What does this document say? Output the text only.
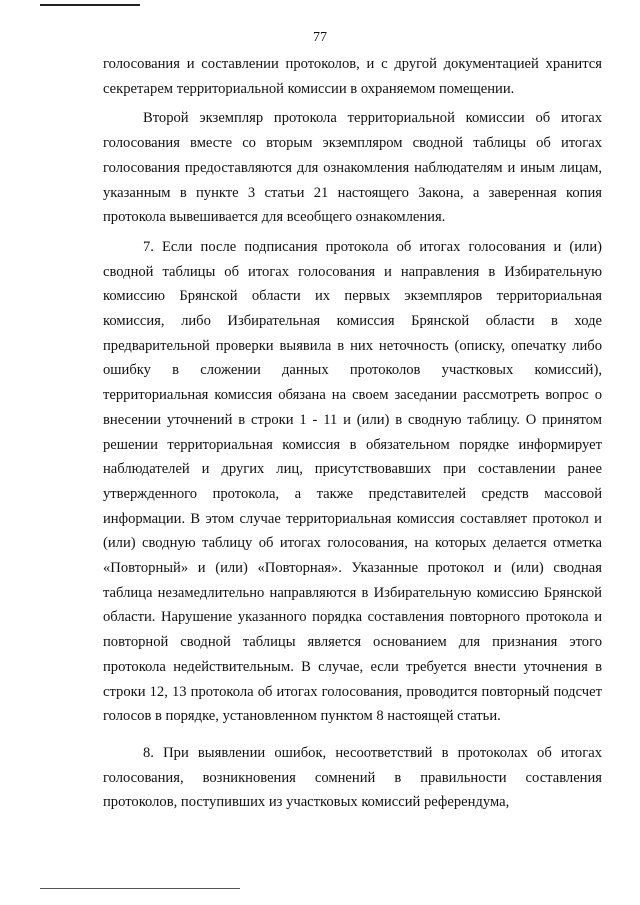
77

голосования и составлении протоколов, и с другой документацией хранится секретарем территориальной комиссии в охраняемом помещении.

Второй экземпляр протокола территориальной комиссии об итогах голосования вместе со вторым экземпляром сводной таблицы об итогах голосования предоставляются для ознакомления наблюдателям и иным лицам, указанным в пункте 3 статьи 21 настоящего Закона, а заверенная копия протокола вывешивается для всеобщего ознакомления.

7. Если после подписания протокола об итогах голосования и (или) сводной таблицы об итогах голосования и направления в Избирательную комиссию Брянской области их первых экземпляров территориальная комиссия, либо Избирательная комиссия Брянской области в ходе предварительной проверки выявила в них неточность (описку, опечатку либо ошибку в сложении данных протоколов участковых комиссий), территориальная комиссия обязана на своем заседании рассмотреть вопрос о внесении уточнений в строки 1 - 11 и (или) в сводную таблицу. О принятом решении территориальная комиссия в обязательном порядке информирует наблюдателей и других лиц, присутствовавших при составлении ранее утвержденного протокола, а также представителей средств массовой информации. В этом случае территориальная комиссия составляет протокол и (или) сводную таблицу об итогах голосования, на которых делается отметка «Повторный» и (или) «Повторная». Указанные протокол и (или) сводная таблица незамедлительно направляются в Избирательную комиссию Брянской области. Нарушение указанного порядка составления повторного протокола и повторной сводной таблицы является основанием для признания этого протокола недействительным. В случае, если требуется внести уточнения в строки 12, 13 протокола об итогах голосования, проводится повторный подсчет голосов в порядке, установленном пунктом 8 настоящей статьи.

8. При выявлении ошибок, несоответствий в протоколах об итогах голосования, возникновения сомнений в правильности составления протоколов, поступивших из участковых комиссий референдума,
